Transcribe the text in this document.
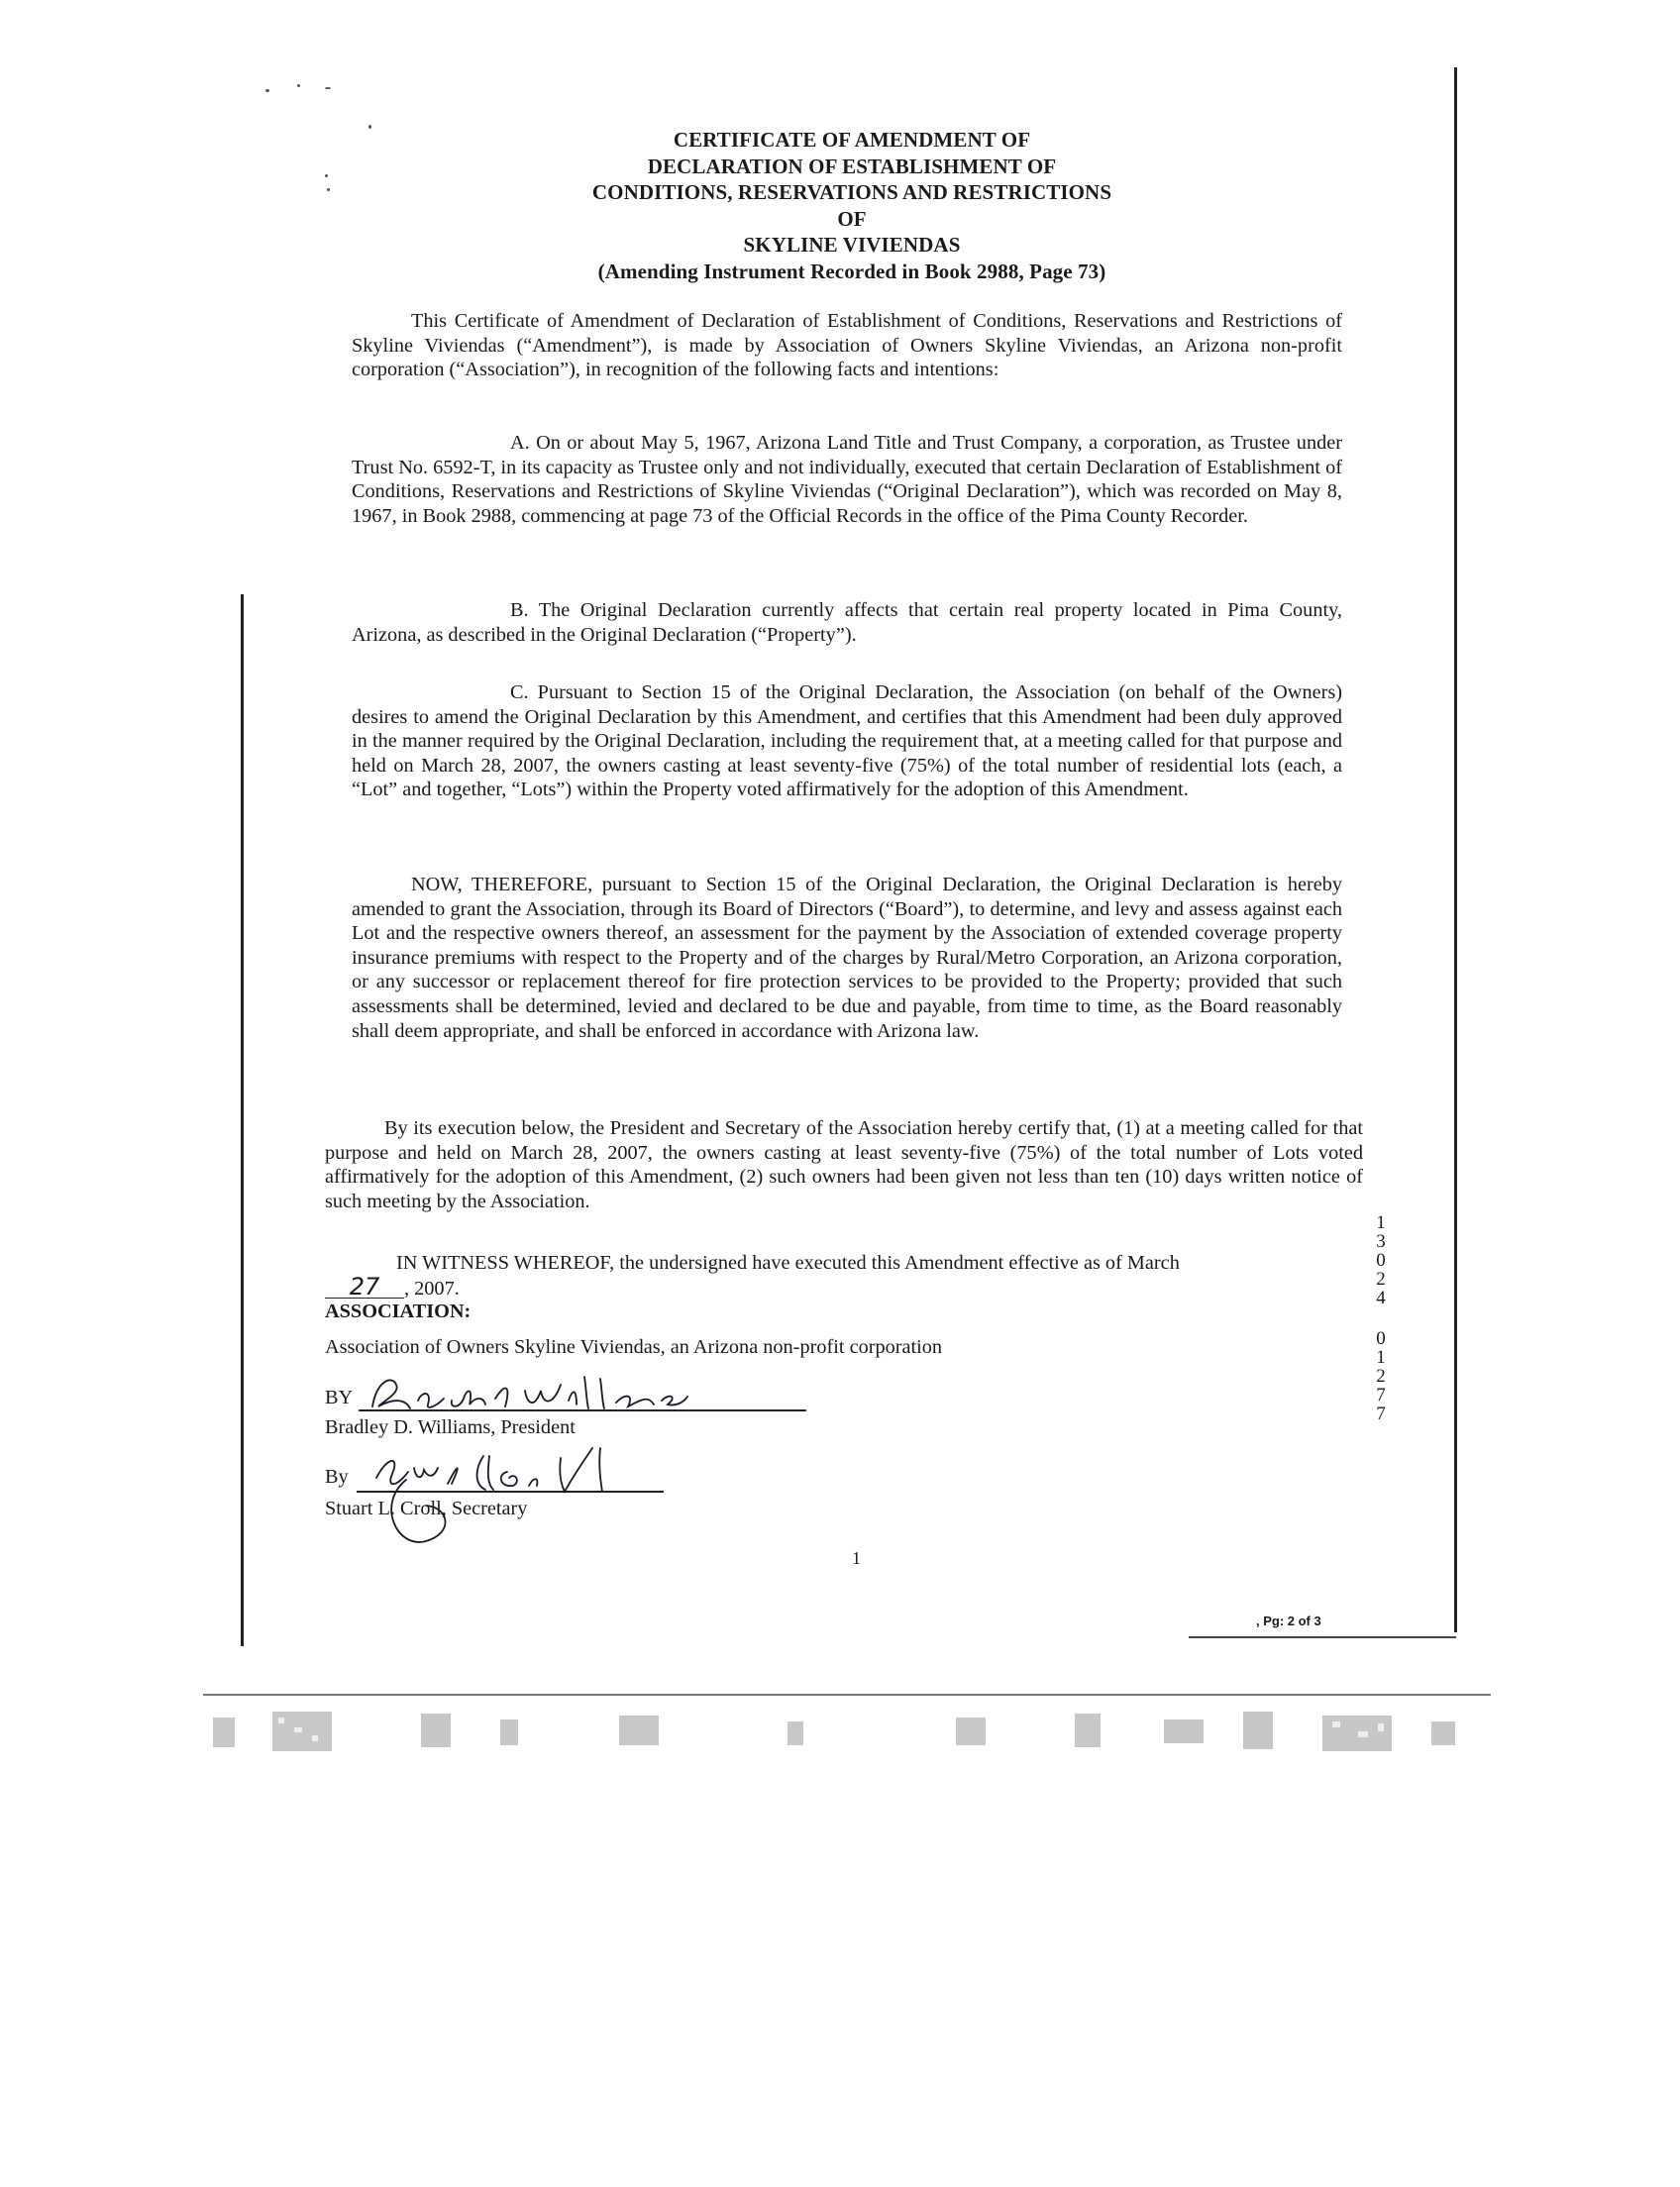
CERTIFICATE OF AMENDMENT OF
DECLARATION OF ESTABLISHMENT OF
CONDITIONS, RESERVATIONS AND RESTRICTIONS
OF
SKYLINE VIVIENDAS
(Amending Instrument Recorded in Book 2988, Page 73)

This Certificate of Amendment of Declaration of Establishment of Conditions, Reservations and Restrictions of Skyline Viviendas (“Amendment”), is made by Association of Owners Skyline Viviendas, an Arizona non-profit corporation (“Association”), in recognition of the following facts and intentions:

A. On or about May 5, 1967, Arizona Land Title and Trust Company, a corporation, as Trustee under Trust No. 6592-T, in its capacity as Trustee only and not individually, executed that certain Declaration of Establishment of Conditions, Reservations and Restrictions of Skyline Viviendas (“Original Declaration”), which was recorded on May 8, 1967, in Book 2988, commencing at page 73 of the Official Records in the office of the Pima County Recorder.

B. The Original Declaration currently affects that certain real property located in Pima County, Arizona, as described in the Original Declaration (“Property”).

C. Pursuant to Section 15 of the Original Declaration, the Association (on behalf of the Owners) desires to amend the Original Declaration by this Amendment, and certifies that this Amendment had been duly approved in the manner required by the Original Declaration, including the requirement that, at a meeting called for that purpose and held on March 28, 2007, the owners casting at least seventy-five (75%) of the total number of residential lots (each, a “Lot” and together, “Lots”) within the Property voted affirmatively for the adoption of this Amendment.

NOW, THEREFORE, pursuant to Section 15 of the Original Declaration, the Original Declaration is hereby amended to grant the Association, through its Board of Directors (“Board”), to determine, and levy and assess against each Lot and the respective owners thereof, an assessment for the payment by the Association of extended coverage property insurance premiums with respect to the Property and of the charges by Rural/Metro Corporation, an Arizona corporation, or any successor or replacement thereof for fire protection services to be provided to the Property; provided that such assessments shall be determined, levied and declared to be due and payable, from time to time, as the Board reasonably shall deem appropriate, and shall be enforced in accordance with Arizona law.

By its execution below, the President and Secretary of the Association hereby certify that, (1) at a meeting called for that purpose and held on March 28, 2007, the owners casting at least seventy-five (75%) of the total number of Lots voted affirmatively for the adoption of this Amendment, (2) such owners had been given not less than ten (10) days written notice of such meeting by the Association.

1
3
0
2
4
0
1
2
7
7
IN WITNESS WHEREOF, the undersigned have executed this Amendment effective as of March
27 , 2007.
ASSOCIATION:
Association of Owners Skyline Viviendas, an Arizona non-profit corporation
BY
Bradley D. Williams, President
By
Stuart L. Croll, Secretary
1
, Pg: 2 of 3
